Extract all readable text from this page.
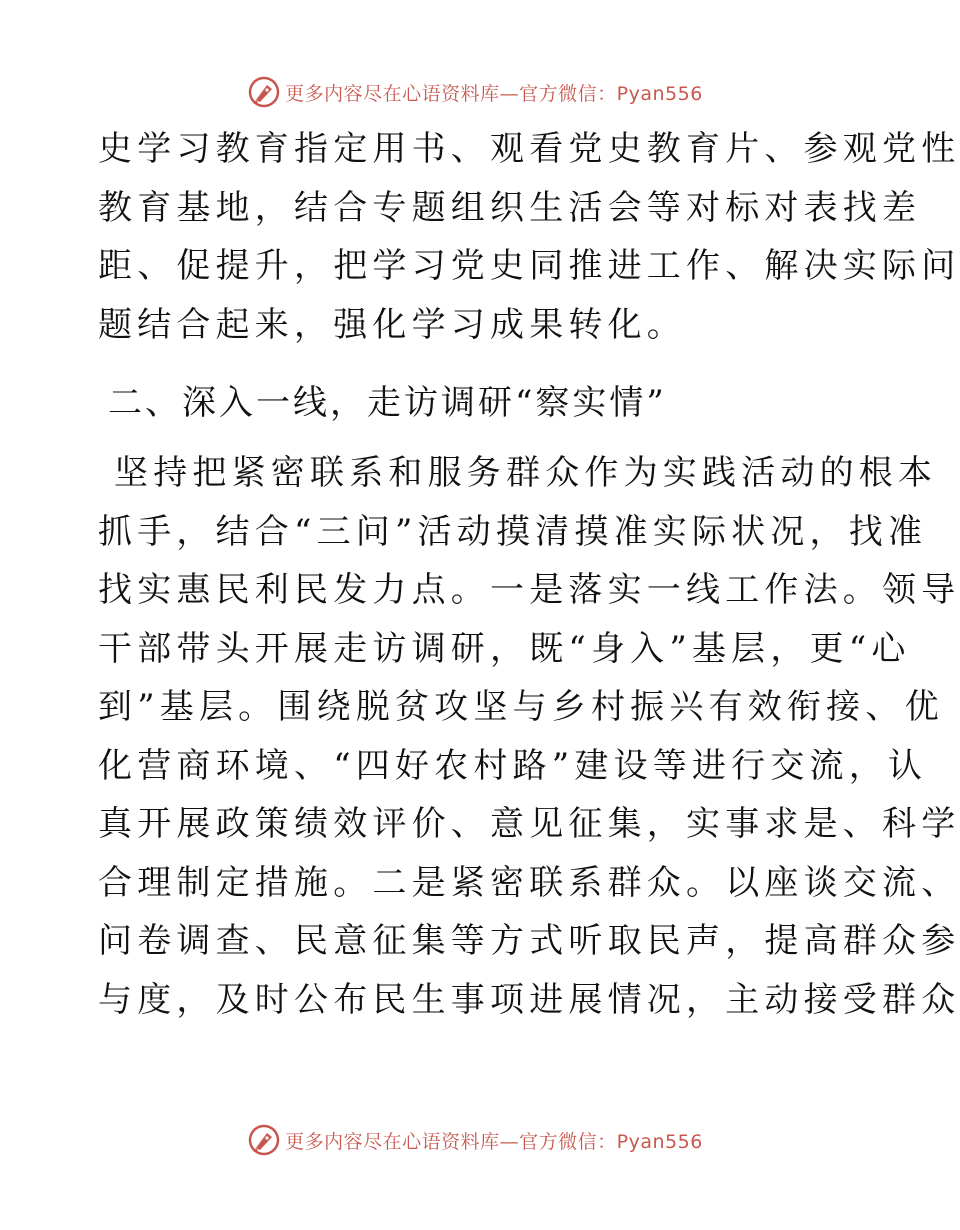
更多内容尽在心语资料库—官方微信：Pyan556
史学习教育指定用书、观看党史教育片、参观党性
教育基地，结合专题组织生活会等对标对表找差
距、促提升，把学习党史同推进工作、解决实际问
题结合起来，强化学习成果转化。
二、深入一线，走访调研“察实情”
坚持把紧密联系和服务群众作为实践活动的根本
抓手，结合“三问”活动摸清摸准实际状况，找准
找实惠民利民发力点。一是落实一线工作法。领导
干部带头开展走访调研，既“身入”基层，更“心
到”基层。围绕脱贫攻坚与乡村振兴有效衔接、优
化营商环境、“四好农村路”建设等进行交流，认
真开展政策绩效评价、意见征集，实事求是、科学
合理制定措施。二是紧密联系群众。以座谈交流、
问卷调查、民意征集等方式听取民声，提高群众参
与度，及时公布民生事项进展情况，主动接受群众
更多内容尽在心语资料库—官方微信：Pyan556
